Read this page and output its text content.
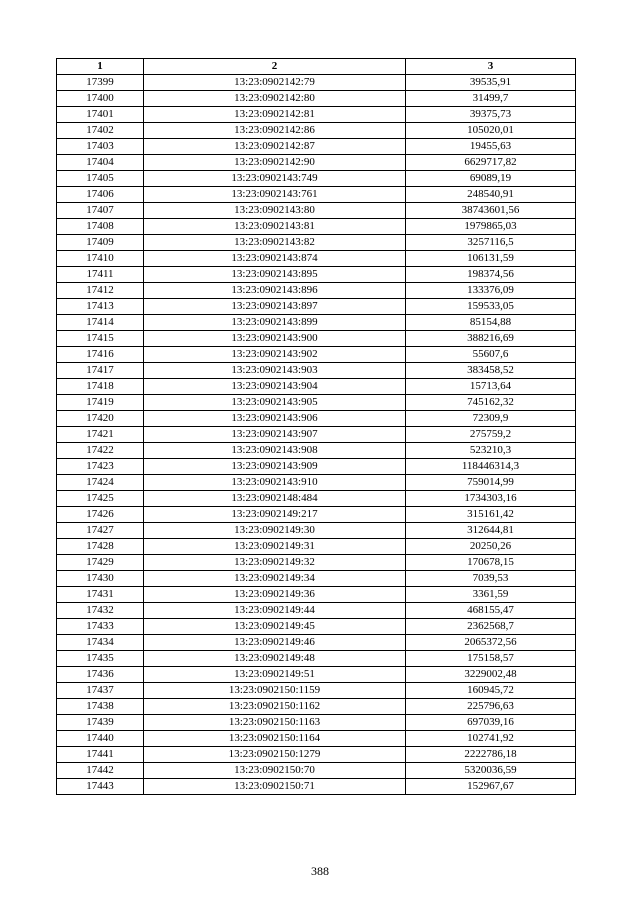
1	2	3
17399	13:23:0902142:79	39535,91
17400	13:23:0902142:80	31499,7
17401	13:23:0902142:81	39375,73
17402	13:23:0902142:86	105020,01
17403	13:23:0902142:87	19455,63
17404	13:23:0902142:90	6629717,82
17405	13:23:0902143:749	69089,19
17406	13:23:0902143:761	248540,91
17407	13:23:0902143:80	38743601,56
17408	13:23:0902143:81	1979865,03
17409	13:23:0902143:82	3257116,5
17410	13:23:0902143:874	106131,59
17411	13:23:0902143:895	198374,56
17412	13:23:0902143:896	133376,09
17413	13:23:0902143:897	159533,05
17414	13:23:0902143:899	85154,88
17415	13:23:0902143:900	388216,69
17416	13:23:0902143:902	55607,6
17417	13:23:0902143:903	383458,52
17418	13:23:0902143:904	15713,64
17419	13:23:0902143:905	745162,32
17420	13:23:0902143:906	72309,9
17421	13:23:0902143:907	275759,2
17422	13:23:0902143:908	523210,3
17423	13:23:0902143:909	118446314,3
17424	13:23:0902143:910	759014,99
17425	13:23:0902148:484	1734303,16
17426	13:23:0902149:217	315161,42
17427	13:23:0902149:30	312644,81
17428	13:23:0902149:31	20250,26
17429	13:23:0902149:32	170678,15
17430	13:23:0902149:34	7039,53
17431	13:23:0902149:36	3361,59
17432	13:23:0902149:44	468155,47
17433	13:23:0902149:45	2362568,7
17434	13:23:0902149:46	2065372,56
17435	13:23:0902149:48	175158,57
17436	13:23:0902149:51	3229002,48
17437	13:23:0902150:1159	160945,72
17438	13:23:0902150:1162	225796,63
17439	13:23:0902150:1163	697039,16
17440	13:23:0902150:1164	102741,92
17441	13:23:0902150:1279	2222786,18
17442	13:23:0902150:70	5320036,59
17443	13:23:0902150:71	152967,67
388
